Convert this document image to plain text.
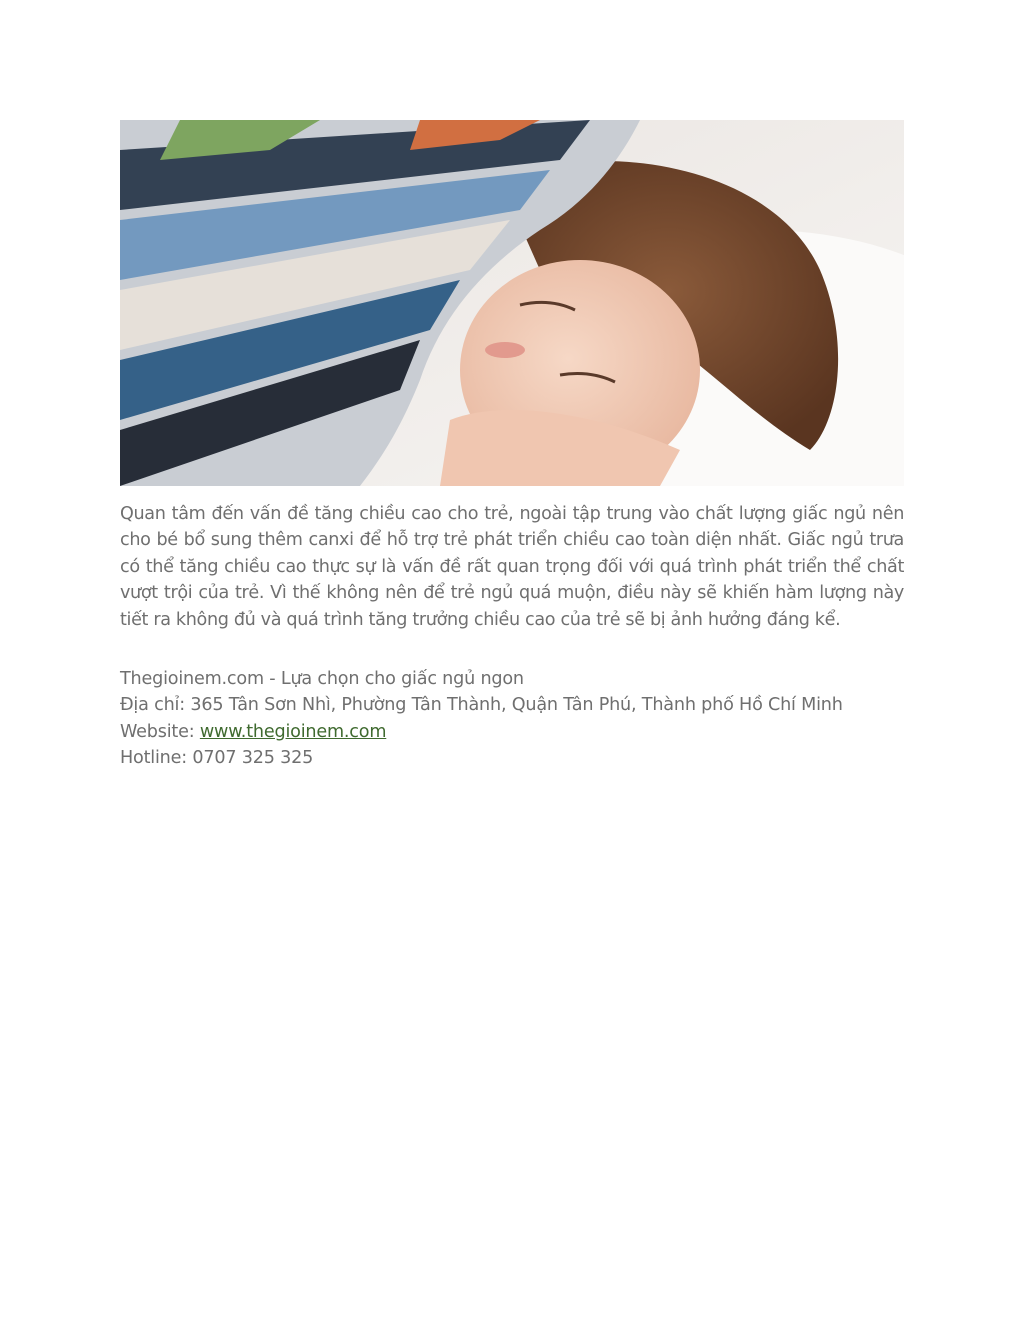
Quan tâm đến vấn đề tăng chiều cao cho trẻ, ngoài tập trung vào chất lượng giấc ngủ nên cho bé bổ sung thêm canxi để hỗ trợ trẻ phát triển chiều cao toàn diện nhất. Giấc ngủ trưa có thể tăng chiều cao thực sự là vấn đề rất quan trọng đối với quá trình phát triển thể chất vượt trội của trẻ. Vì thế không nên để trẻ ngủ quá muộn, điều này sẽ khiến hàm lượng này tiết ra không đủ và quá trình tăng trưởng chiều cao của trẻ sẽ bị ảnh hưởng đáng kể.

Thegioinem.com - Lựa chọn cho giấc ngủ ngon
Địa chỉ: 365 Tân Sơn Nhì, Phường Tân Thành, Quận Tân Phú, Thành phố Hồ Chí Minh
Website: www.thegioinem.com
Hotline: 0707 325 325
